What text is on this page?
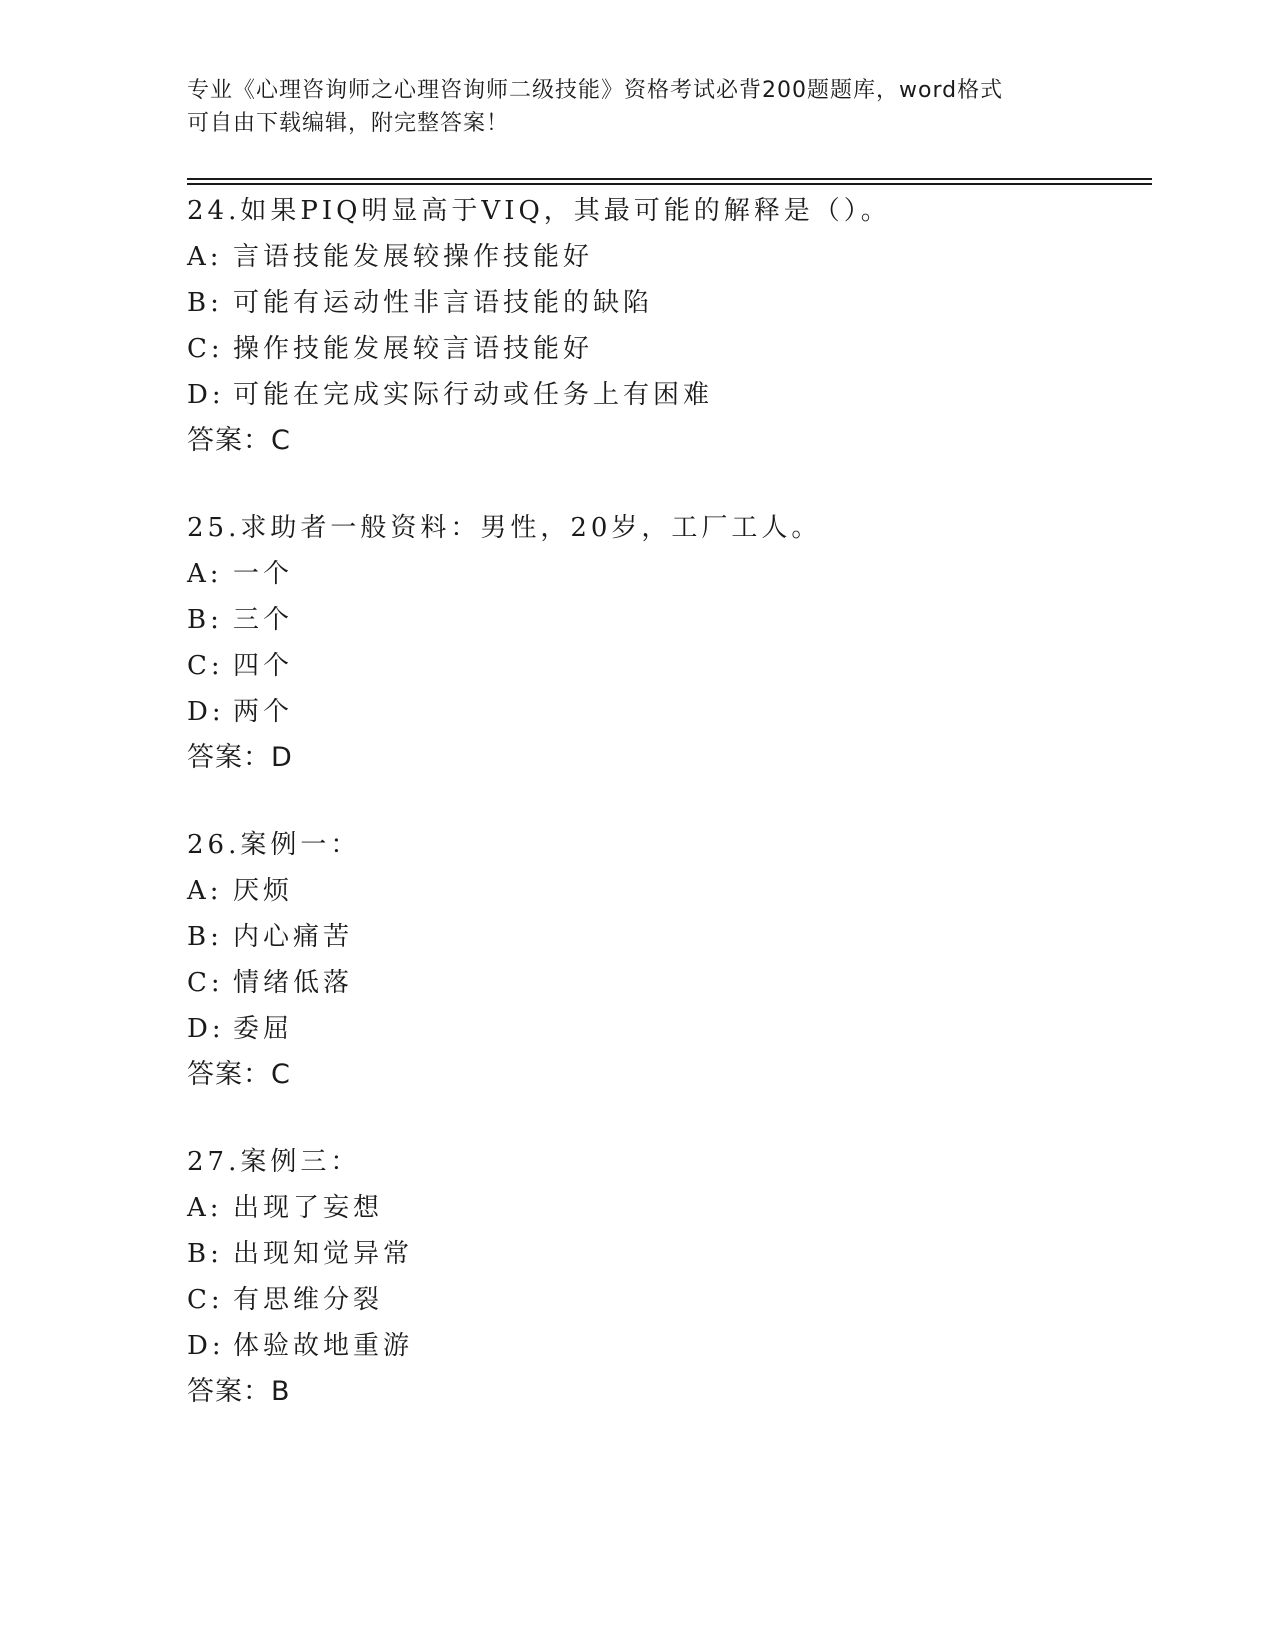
专业《心理咨询师之心理咨询师二级技能》资格考试必背200题题库，word格式
可自由下载编辑，附完整答案！
24.如果PIQ明显高于VIQ，其最可能的解释是（）。
A: 言语技能发展较操作技能好
B: 可能有运动性非言语技能的缺陷
C: 操作技能发展较言语技能好
D: 可能在完成实际行动或任务上有困难
答案：C
25.求助者一般资料：男性，20岁，工厂工人。
A: 一个
B: 三个
C: 四个
D: 两个
答案：D
26.案例一：
A: 厌烦
B: 内心痛苦
C: 情绪低落
D: 委屈
答案：C
27.案例三：
A: 出现了妄想
B: 出现知觉异常
C: 有思维分裂
D: 体验故地重游
答案：B
